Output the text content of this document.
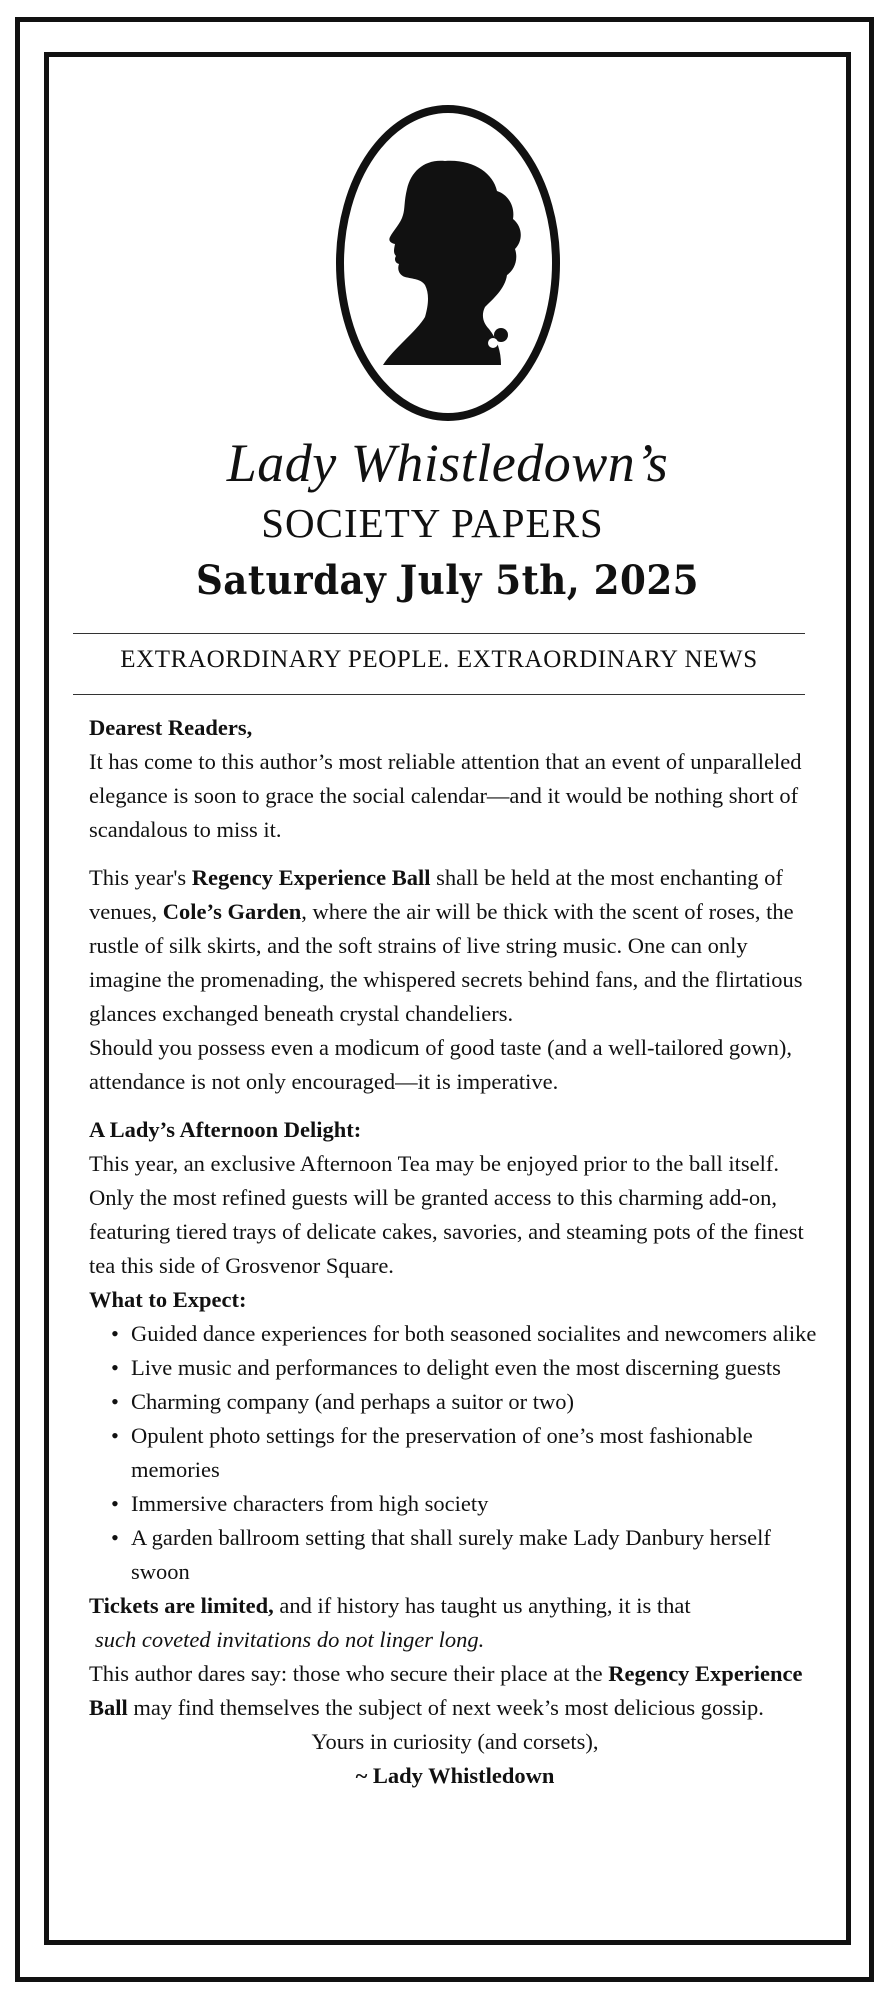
Lady Whistledown’s
SOCIETY PAPERS
Saturday July 5th, 2025
EXTRAORDINARY PEOPLE. EXTRAORDINARY NEWS

Dearest Readers,

It has come to this author’s most reliable attention that an event of unparalleled elegance is soon to grace the social calendar—and it would be nothing short of scandalous to miss it.

This year's Regency Experience Ball shall be held at the most enchanting of venues, Cole’s Garden, where the air will be thick with the scent of roses, the rustle of silk skirts, and the soft strains of live string music. One can only imagine the promenading, the whispered secrets behind fans, and the flirtatious glances exchanged beneath crystal chandeliers.

Should you possess even a modicum of good taste (and a well-tailored gown), attendance is not only encouraged—it is imperative.

A Lady’s Afternoon Delight:

This year, an exclusive Afternoon Tea may be enjoyed prior to the ball itself. Only the most refined guests will be granted access to this charming add-on, featuring tiered trays of delicate cakes, savories, and steaming pots of the finest tea this side of Grosvenor Square.

What to Expect:

• Guided dance experiences for both seasoned socialites and newcomers alike
• Live music and performances to delight even the most discerning guests
• Charming company (and perhaps a suitor or two)
• Opulent photo settings for the preservation of one’s most fashionable memories
• Immersive characters from high society
• A garden ballroom setting that shall surely make Lady Danbury herself swoon

Tickets are limited, and if history has taught us anything, it is that

such coveted invitations do not linger long.

This author dares say: those who secure their place at the Regency Experience Ball may find themselves the subject of next week’s most delicious gossip.

Yours in curiosity (and corsets),

~ Lady Whistledown
